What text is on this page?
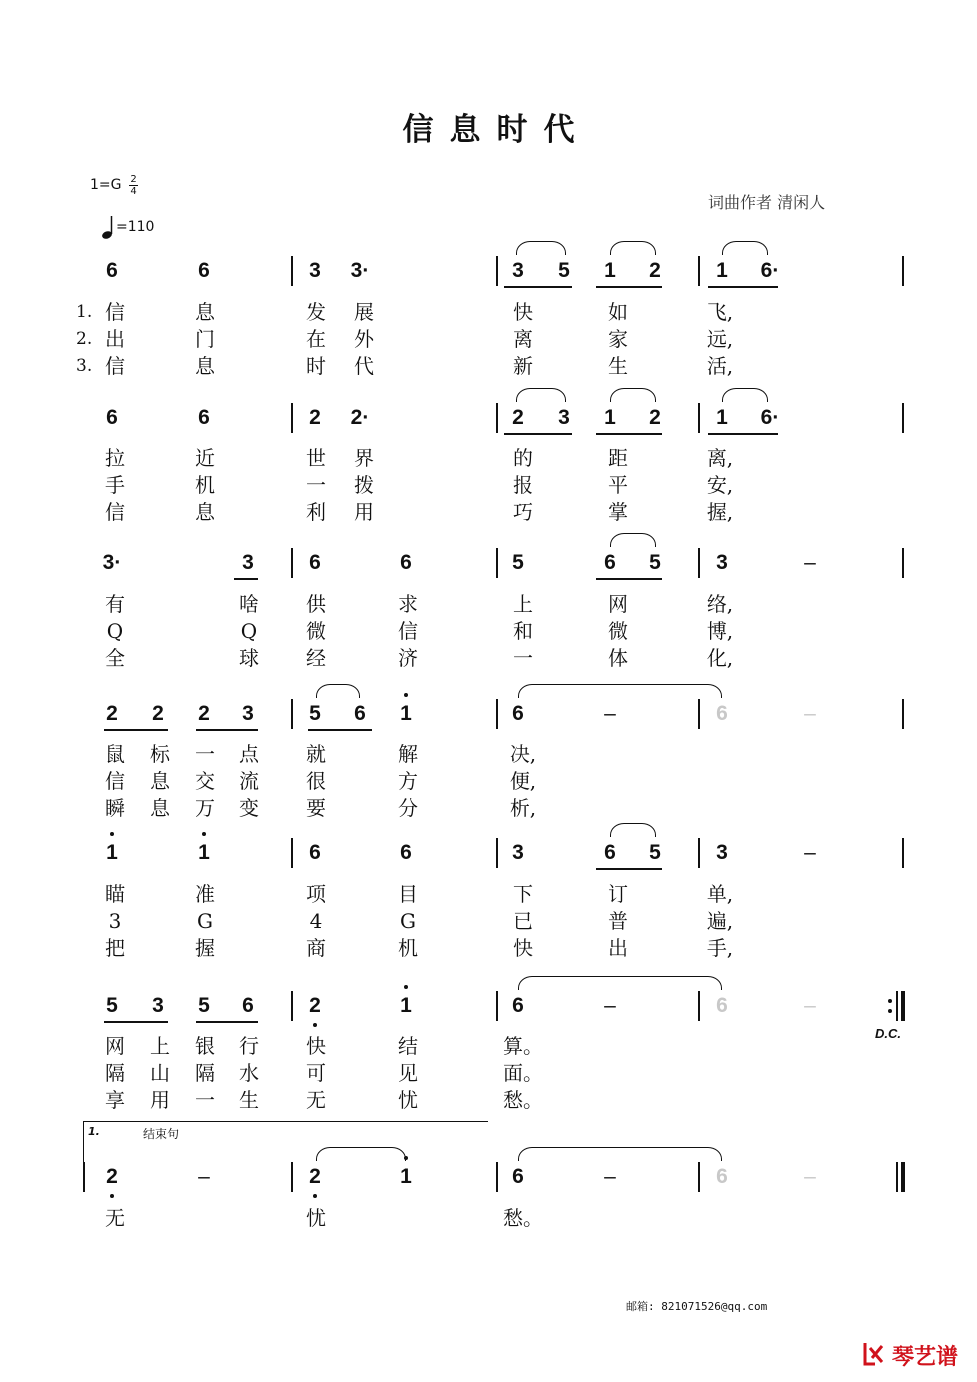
信息时代
1=G 2
4
=110
词曲作者 清闲人
6	6	3	3·	3	5	1	2	1	6·
1. 信	息	发	展	快	如	飞,
2. 出	门	在	外	离	家	远,
3. 信	息	时	代	新	生	活,
6	6	2	2·	2	3	1	2	1	6·
拉	近	世	界	的	距	离,
手	机	一	拨	报	平	安,
信	息	利	用	巧	掌	握,
3·	3	6	6	5	6	5	3	–
有	啥	供	求	上	网	络,
Q	Q	微	信	和	微	博,
全	球	经	济	一	体	化,
2	2	2	3	5	6	1	6	–	6	–
鼠	标	一	点	就	解	决,
信	息	交	流	很	方	便,
瞬	息	万	变	要	分	析,
1	1	6	6	3	6	5	3	–
瞄	准	项	目	下	订	单,
3	G	4	G	已	普	遍,
把	握	商	机	快	出	手,
5	3	5	6	2	1	6	–	6	–
网	上	银	行	快	结	算。
隔	山	隔	水	可	见	面。
享	用	一	生	无	忧	愁。
2	–	2	1	6	–	6	–
无	忧	愁。
D.C.
1.	结束句
邮箱: 821071526@qq.com
琴艺谱
